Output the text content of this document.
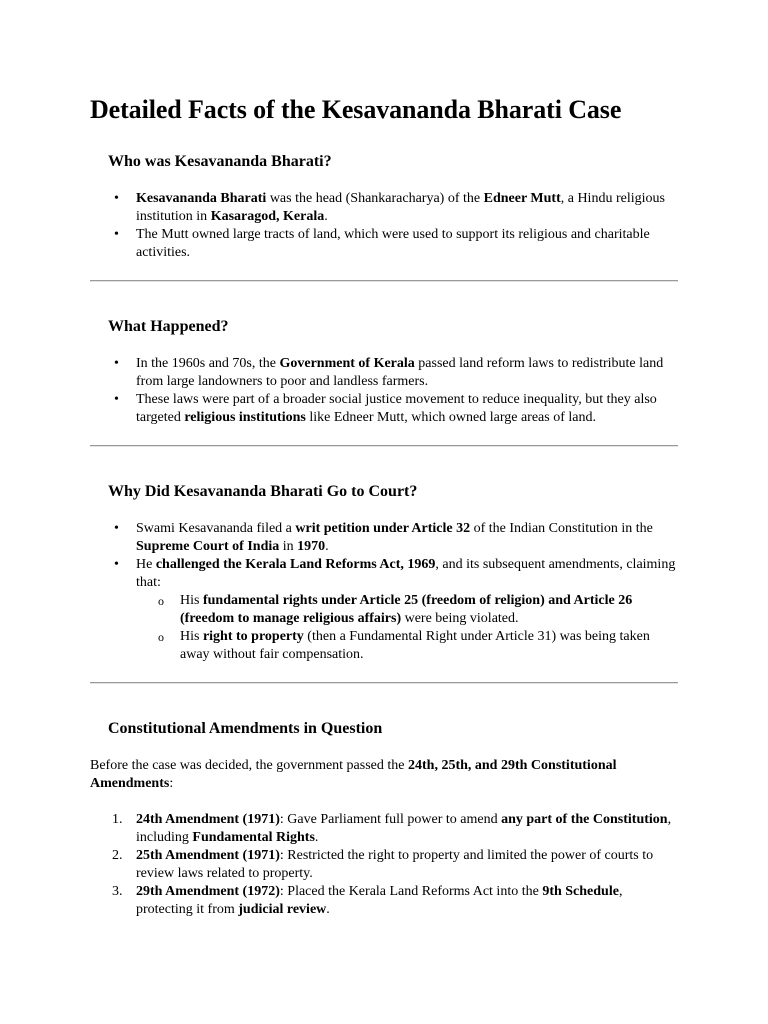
Detailed Facts of the Kesavananda Bharati Case
Who was Kesavananda Bharati?
• Kesavananda Bharati was the head (Shankaracharya) of the Edneer Mutt, a Hindu religious institution in Kasaragod, Kerala.
• The Mutt owned large tracts of land, which were used to support its religious and charitable activities.
What Happened?
• In the 1960s and 70s, the Government of Kerala passed land reform laws to redistribute land from large landowners to poor and landless farmers.
• These laws were part of a broader social justice movement to reduce inequality, but they also targeted religious institutions like Edneer Mutt, which owned large areas of land.
Why Did Kesavananda Bharati Go to Court?
• Swami Kesavananda filed a writ petition under Article 32 of the Indian Constitution in the Supreme Court of India in 1970.
• He challenged the Kerala Land Reforms Act, 1969, and its subsequent amendments, claiming that:
o His fundamental rights under Article 25 (freedom of religion) and Article 26 (freedom to manage religious affairs) were being violated.
o His right to property (then a Fundamental Right under Article 31) was being taken away without fair compensation.
Constitutional Amendments in Question

Before the case was decided, the government passed the 24th, 25th, and 29th Constitutional Amendments:

24th Amendment (1971): Gave Parliament full power to amend any part of the Constitution, including Fundamental Rights.
25th Amendment (1971): Restricted the right to property and limited the power of courts to review laws related to property.
29th Amendment (1972): Placed the Kerala Land Reforms Act into the 9th Schedule, protecting it from judicial review.
